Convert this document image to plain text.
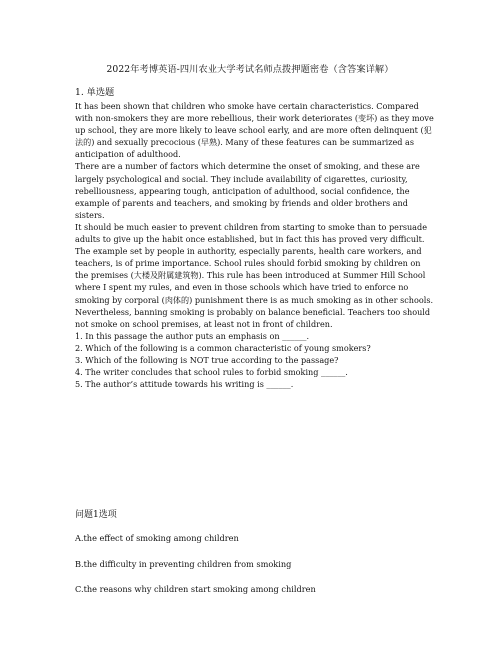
2022年考博英语-四川农业大学考试名师点拨押题密卷（含答案详解）
1. 单选题

It has been shown that children who smoke have certain characteristics. Compared with non-smokers they are more rebellious, their work deteriorates (变坏) as they move up school, they are more likely to leave school early, and are more often delinquent (犯法的) and sexually precocious (早熟). Many of these features can be summarized as anticipation of adulthood.

There are a number of factors which determine the onset of smoking, and these are largely psychological and social. They include availability of cigarettes, curiosity, rebelliousness, appearing tough, anticipation of adulthood, social confidence, the example of parents and teachers, and smoking by friends and older brothers and sisters.

It should be much easier to prevent children from starting to smoke than to persuade adults to give up the habit once established, but in fact this has proved very difficult. The example set by people in authority, especially parents, health care workers, and teachers, is of prime importance. School rules should forbid smoking by children on the premises (大楼及附属建筑物). This rule has been introduced at Summer Hill School where I spent my rules, and even in those schools which have tried to enforce no smoking by corporal (肉体的) punishment there is as much smoking as in other schools. Nevertheless, banning smoking is probably on balance beneficial. Teachers too should not smoke on school premises, at least not in front of children.

1. In this passage the author puts an emphasis on ______.
2. Which of the following is a common characteristic of young smokers?
3. Which of the following is NOT true according to the passage?
4. The writer concludes that school rules to forbid smoking ______.
5. The author’s attitude towards his writing is ______.
问题1选项
A.the effect of smoking among children
B.the difficulty in preventing children from smoking
C.the reasons why children start smoking among children
